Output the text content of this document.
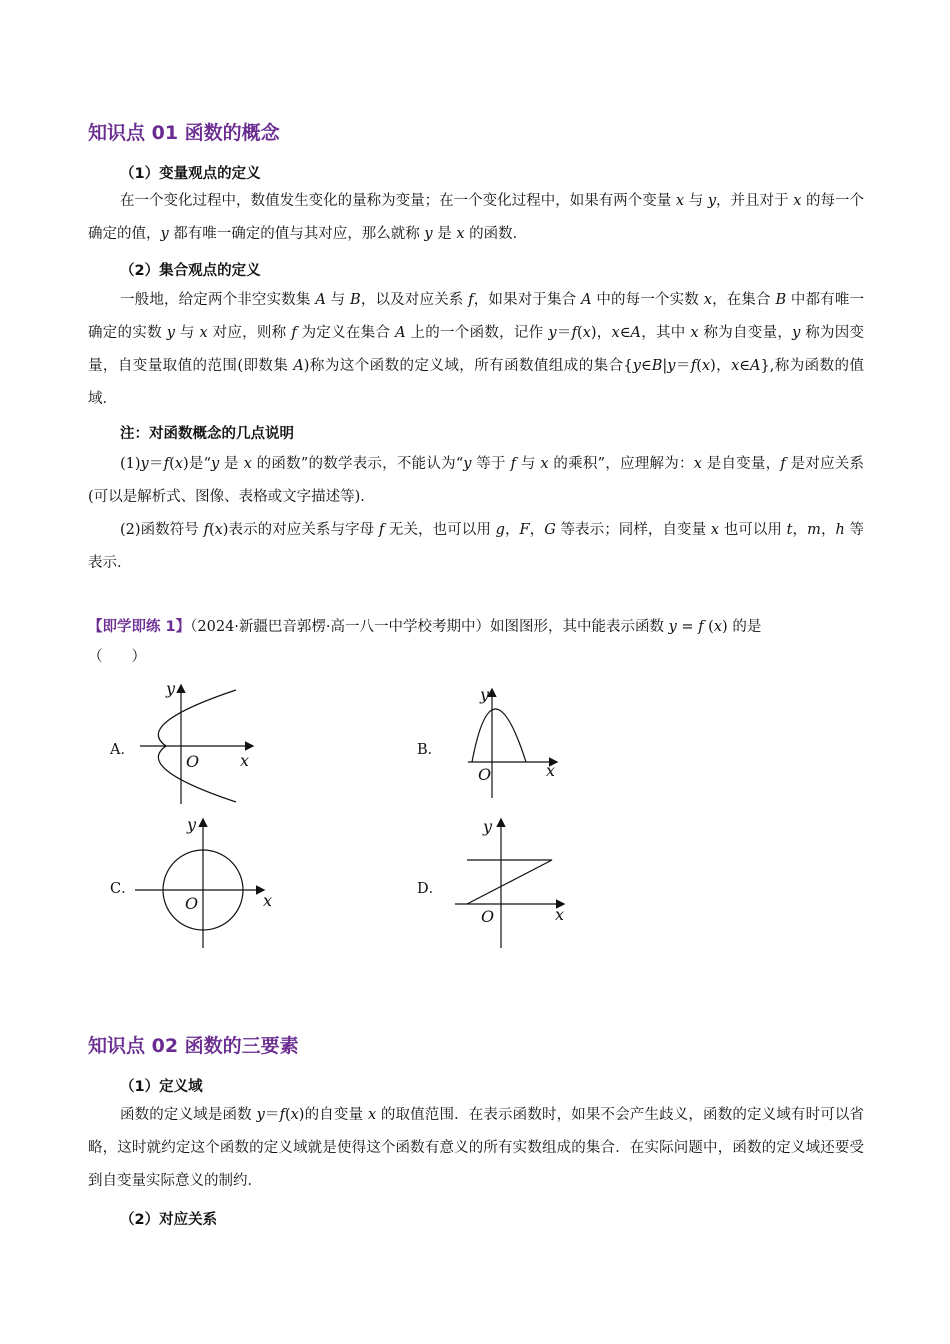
知识点 01 函数的概念
（1）变量观点的定义
在一个变化过程中，数值发生变化的量称为变量；在一个变化过程中，如果有两个变量 x 与 y，并且对于 x 的每一个确定的值，y 都有唯一确定的值与其对应，那么就称 y 是 x 的函数．
（2）集合观点的定义
一般地，给定两个非空实数集 A 与 B，以及对应关系 f，如果对于集合 A 中的每一个实数 x，在集合 B 中都有唯一确定的实数 y 与 x 对应，则称 f 为定义在集合 A 上的一个函数，记作 y＝f(x)，x∈A，其中 x 称为自变量，y 称为因变量，自变量取值的范围(即数集 A)称为这个函数的定义域，所有函数值组成的集合{y∈B|y＝f(x)，x∈A},称为函数的值域．
注：对函数概念的几点说明
(1)y＝f(x)是“y 是 x 的函数”的数学表示，不能认为“y 等于 f 与 x 的乘积”，应理解为：x 是自变量，f 是对应关系(可以是解析式、图像、表格或文字描述等).
(2)函数符号 f(x)表示的对应关系与字母 f 无关，也可以用 g，F，G 等表示；同样，自变量 x 也可以用 t，m，h 等表示．
【即学即练 1】（2024·新疆巴音郭楞·高一八一中学校考期中）如图图形，其中能表示函数 y = f (x) 的是
（　　）
A．
y
O	x
B．
y
O	x
C．
y
O	x
D．
y
O	x
知识点 02 函数的三要素
（1）定义域
函数的定义域是函数 y＝f(x)的自变量 x 的取值范围．在表示函数时，如果不会产生歧义，函数的定义域有时可以省略，这时就约定这个函数的定义域就是使得这个函数有意义的所有实数组成的集合．在实际问题中，函数的定义域还要受到自变量实际意义的制约．
（2）对应关系
